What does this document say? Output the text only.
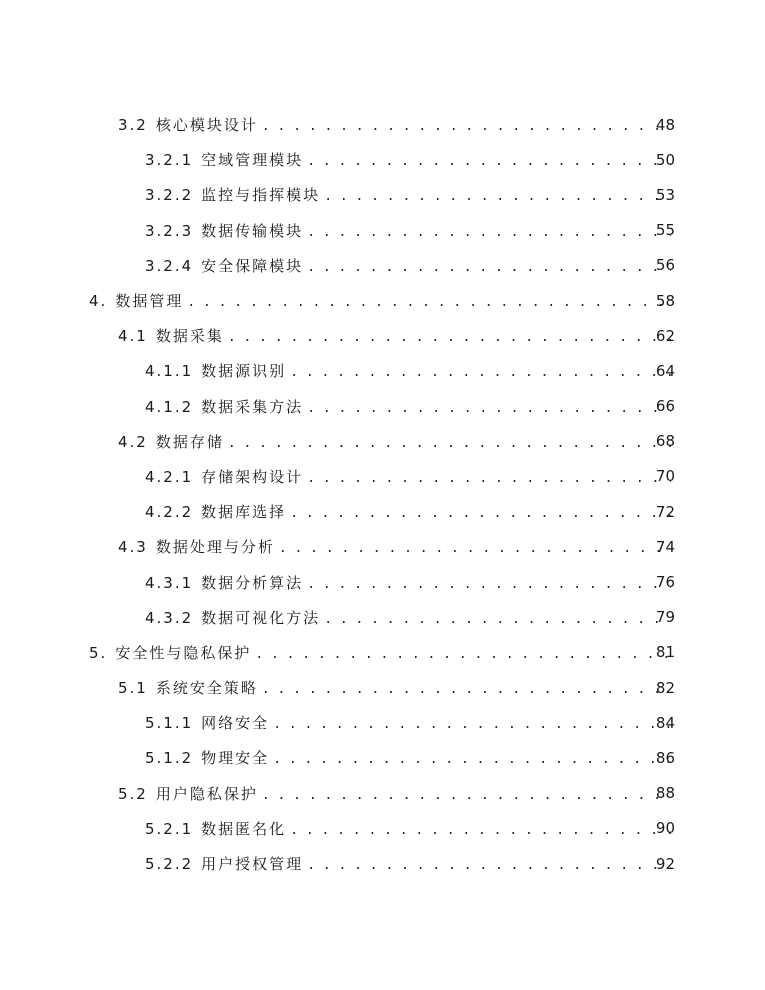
3.2 核心模块设计 . . .	48
3.2.1 空域管理模块 . . .	50
3.2.2 监控与指挥模块 . . .	53
3.2.3 数据传输模块 . . .	55
3.2.4 安全保障模块 . . .	56
4. 数据管理 . . .	58
4.1 数据采集 . . .	62
4.1.1 数据源识别 . . .	64
4.1.2 数据采集方法 . . .	66
4.2 数据存储 . . .	68
4.2.1 存储架构设计 . . .	70
4.2.2 数据库选择 . . .	72
4.3 数据处理与分析 . . .	74
4.3.1 数据分析算法 . . .	76
4.3.2 数据可视化方法 . . .	79
5. 安全性与隐私保护 . . .	81
5.1 系统安全策略 . . .	82
5.1.1 网络安全 . . .	84
5.1.2 物理安全 . . .	86
5.2 用户隐私保护 . . .	88
5.2.1 数据匿名化 . . .	90
5.2.2 用户授权管理 . . .	92
